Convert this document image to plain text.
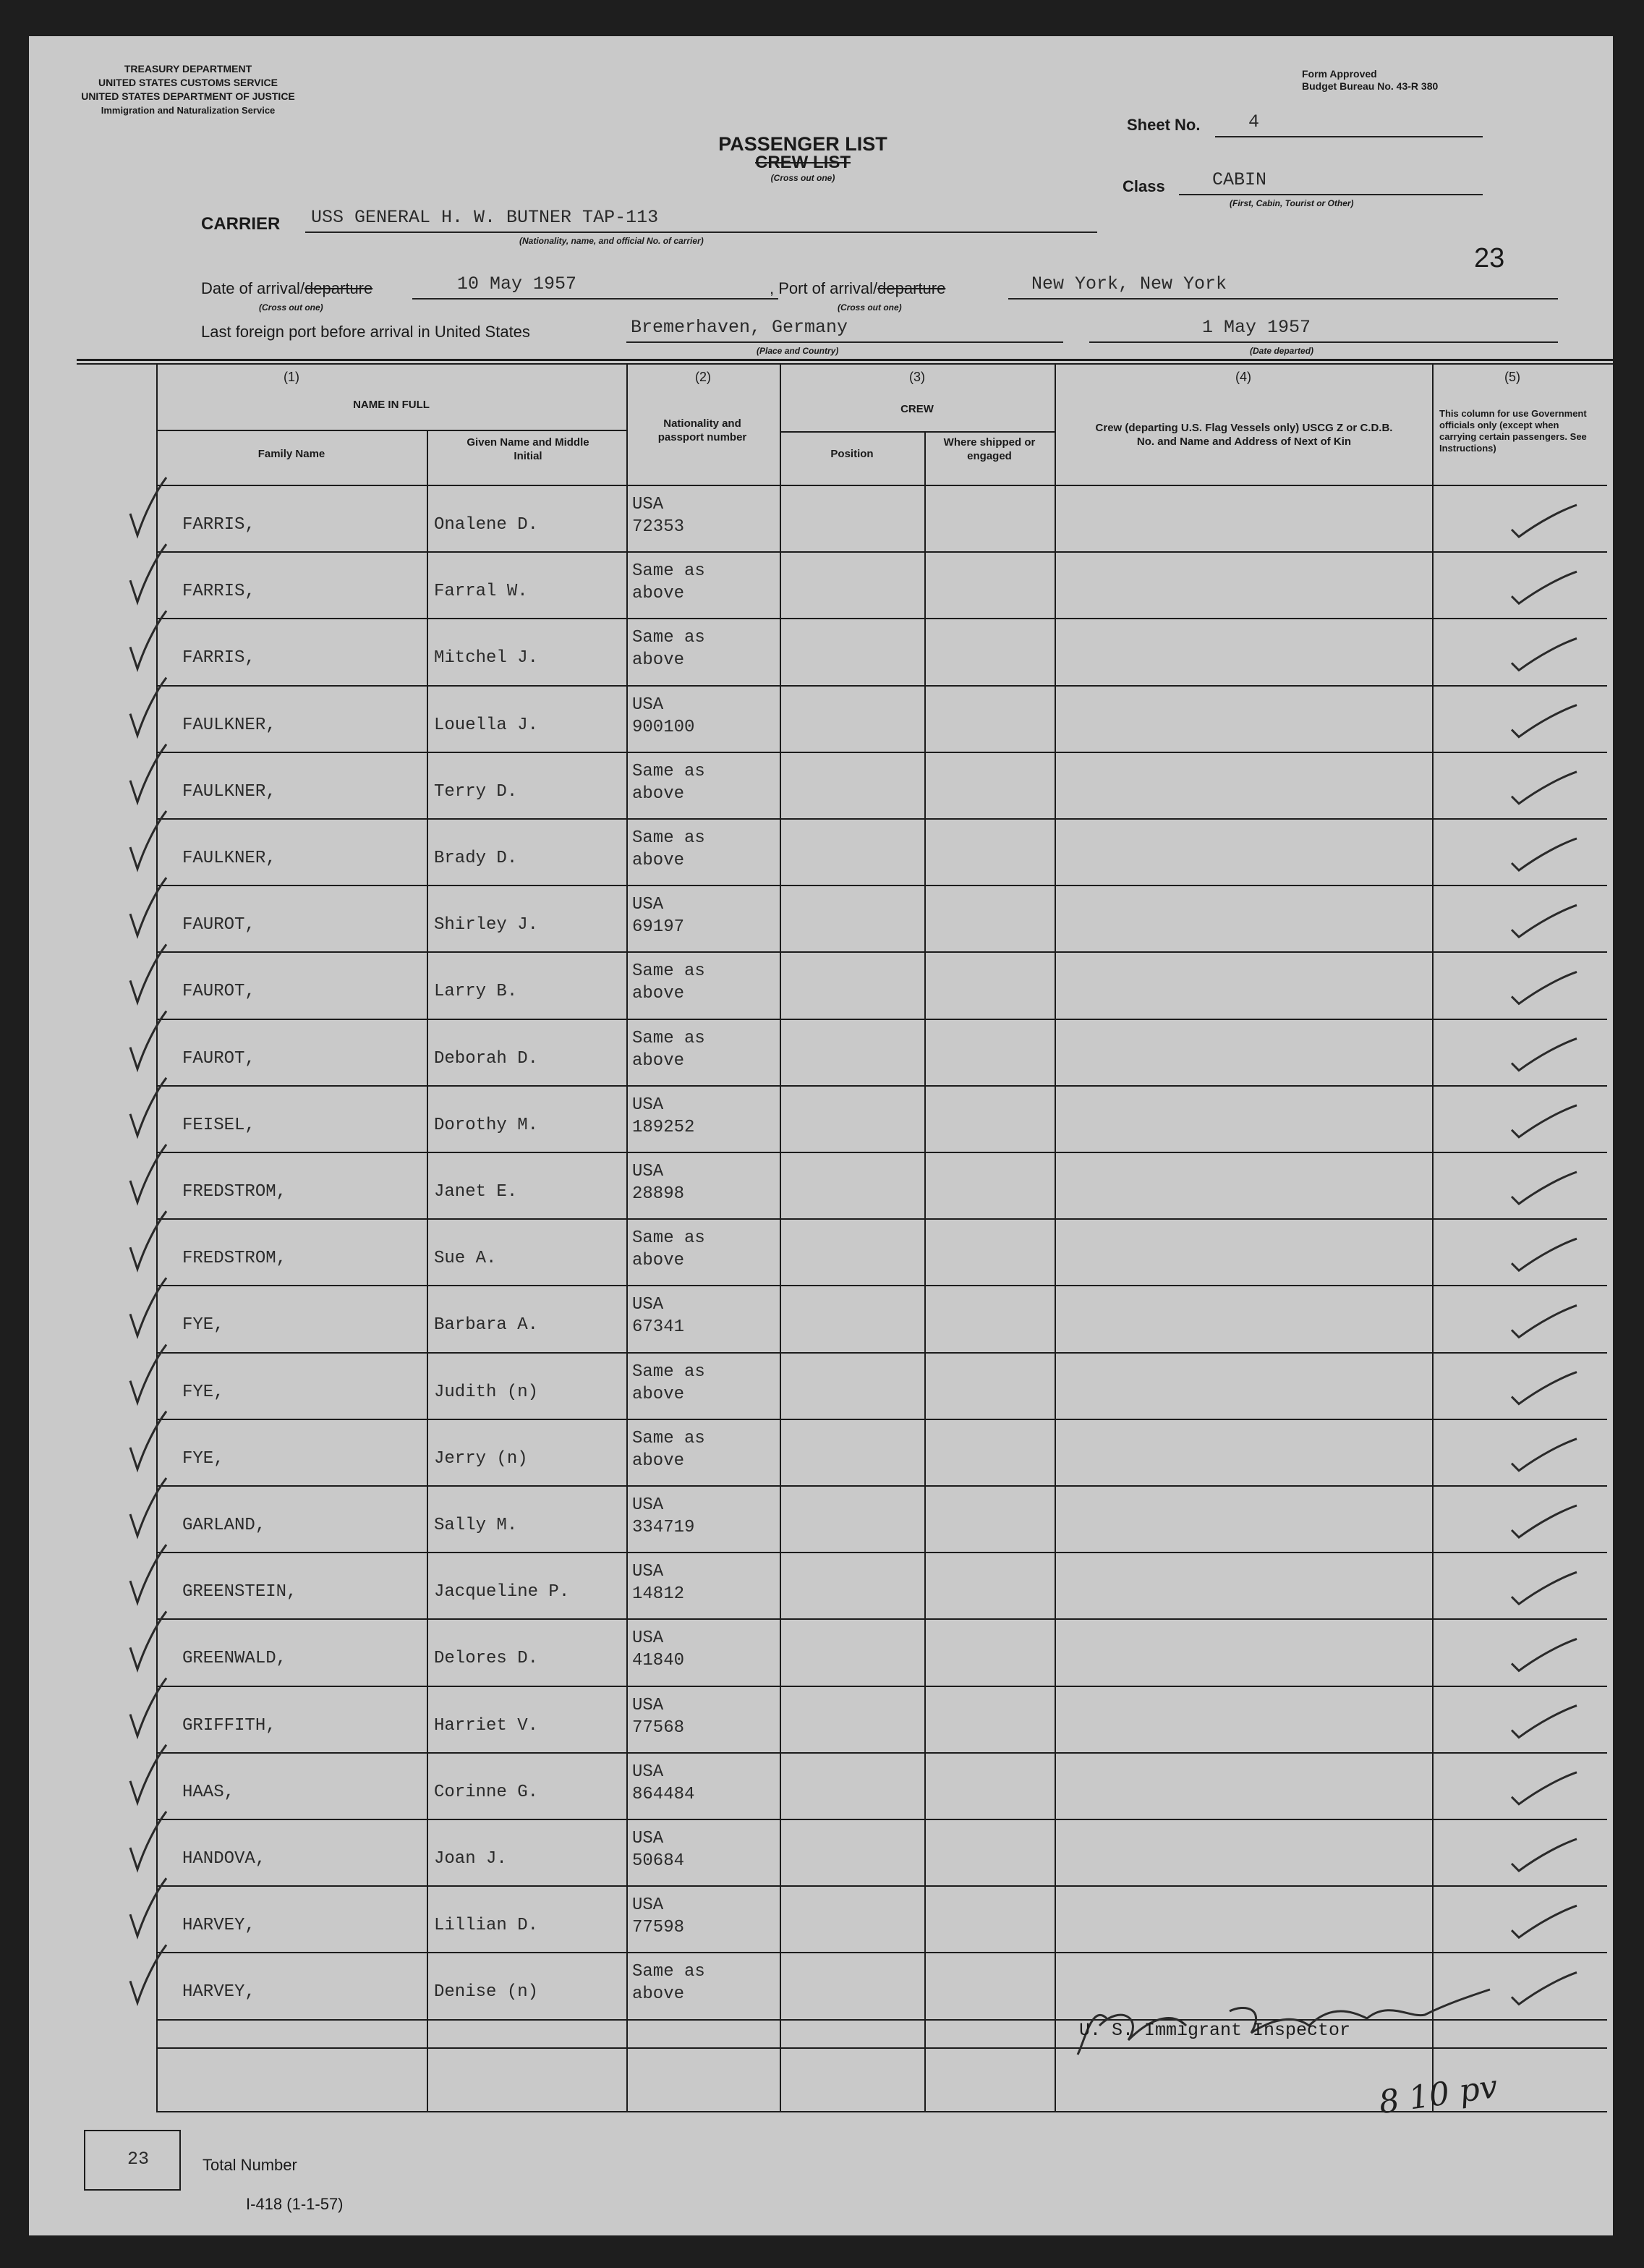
TREASURY DEPARTMENT
UNITED STATES CUSTOMS SERVICE
UNITED STATES DEPARTMENT OF JUSTICE
Immigration and Naturalization Service
Form Approved
Budget Bureau No. 43-R 380
PASSENGER LIST
CREW LIST
(Cross out one)
Sheet No.	4
Class	CABIN
(First, Cabin, Tourist or Other)
23
CARRIER USS GENERAL H. W. BUTNER TAP-113
(Nationality, name, and official No. of carrier)
Date of arrival/departure	10 May 1957
(Cross out one)
, Port of arrival/departure	New York, New York
(Cross out one)
Last foreign port before arrival in United States	Bremerhaven, Germany
(Place and Country)
1 May 1957
(Date departed)
(1)
NAME IN FULL
Family Name
Given Name and Middle Initial
(2)
Nationality and passport number
(3)
CREW
Position
Where shipped or engaged
(4)
Crew (departing U.S. Flag Vessels only) USCG Z or C.D.B. No. and Name and Address of Next of Kin
(5)
This column for use Government officials only (except when carrying certain passengers. See Instructions)
FARRIS,	Onalene D.
USA
72353
FARRIS,	Farral W.
Same as
above
FARRIS,	Mitchel J.
Same as
above
FAULKNER,	Louella J.
USA
900100
FAULKNER,	Terry D.
Same as
above
FAULKNER,	Brady D.
Same as
above
FAUROT,	Shirley J.
USA
69197
FAUROT,	Larry B.
Same as
above
FAUROT,	Deborah D.
Same as
above
FEISEL,	Dorothy M.
USA
189252
FREDSTROM,	Janet E.
USA
28898
FREDSTROM,	Sue A.
Same as
above
FYE,	Barbara A.
USA
67341
FYE,	Judith (n)
Same as
above
FYE,	Jerry (n)
Same as
above
GARLAND,	Sally M.
USA
334719
GREENSTEIN,	Jacqueline P.
USA
14812
GREENWALD,	Delores D.
USA
41840
GRIFFITH,	Harriet V.
USA
77568
HAAS,	Corinne G.
USA
864484
HANDOVA,	Joan J.
USA
50684
HARVEY,	Lillian D.
USA
77598
HARVEY,	Denise (n)
Same as
above
U. S. Immigrant Inspector
8 10 pv
23	Total Number
I-418 (1-1-57)
